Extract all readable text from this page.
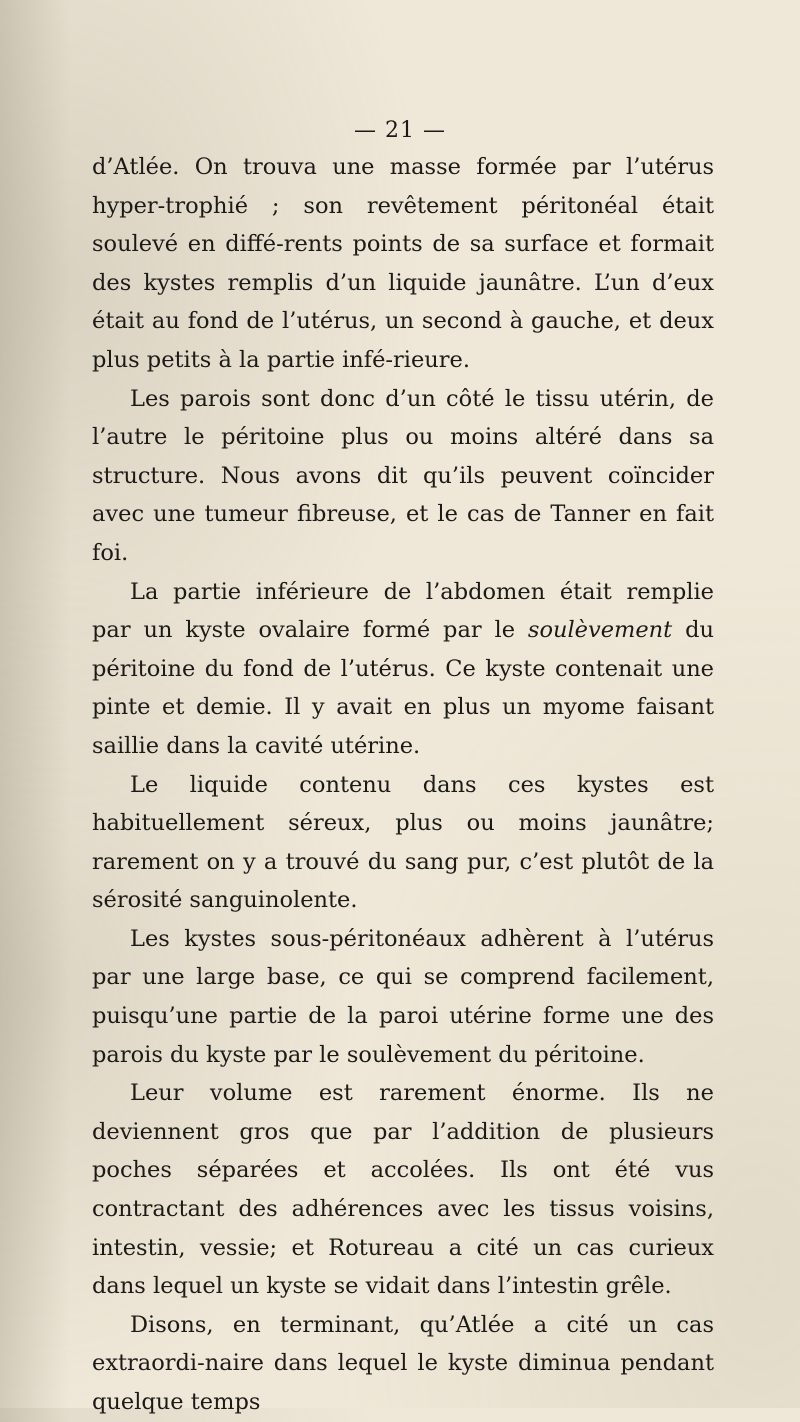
— 21 —

d’Atlée. On trouva une masse formée par l’utérus hyper-trophié ; son revêtement péritonéal était soulevé en diffé-rents points de sa surface et formait des kystes remplis d’un liquide jaunâtre. L’un d’eux était au fond de l’utérus, un second à gauche, et deux plus petits à la partie infé-rieure.

Les parois sont donc d’un côté le tissu utérin, de l’autre le péritoine plus ou moins altéré dans sa structure. Nous avons dit qu’ils peuvent coïncider avec une tumeur fibreuse, et le cas de Tanner en fait foi.

La partie inférieure de l’abdomen était remplie par un kyste ovalaire formé par le soulèvement du péritoine du fond de l’utérus. Ce kyste contenait une pinte et demie. Il y avait en plus un myome faisant saillie dans la cavité utérine.

Le liquide contenu dans ces kystes est habituellement séreux, plus ou moins jaunâtre; rarement on y a trouvé du sang pur, c’est plutôt de la sérosité sanguinolente.

Les kystes sous-péritonéaux adhèrent à l’utérus par une large base, ce qui se comprend facilement, puisqu’une partie de la paroi utérine forme une des parois du kyste par le soulèvement du péritoine.

Leur volume est rarement énorme. Ils ne deviennent gros que par l’addition de plusieurs poches séparées et accolées. Ils ont été vus contractant des adhérences avec les tissus voisins, intestin, vessie; et Rotureau a cité un cas curieux dans lequel un kyste se vidait dans l’intestin grêle.

Disons, en terminant, qu’Atlée a cité un cas extraordi-naire dans lequel le kyste diminua pendant quelque temps
